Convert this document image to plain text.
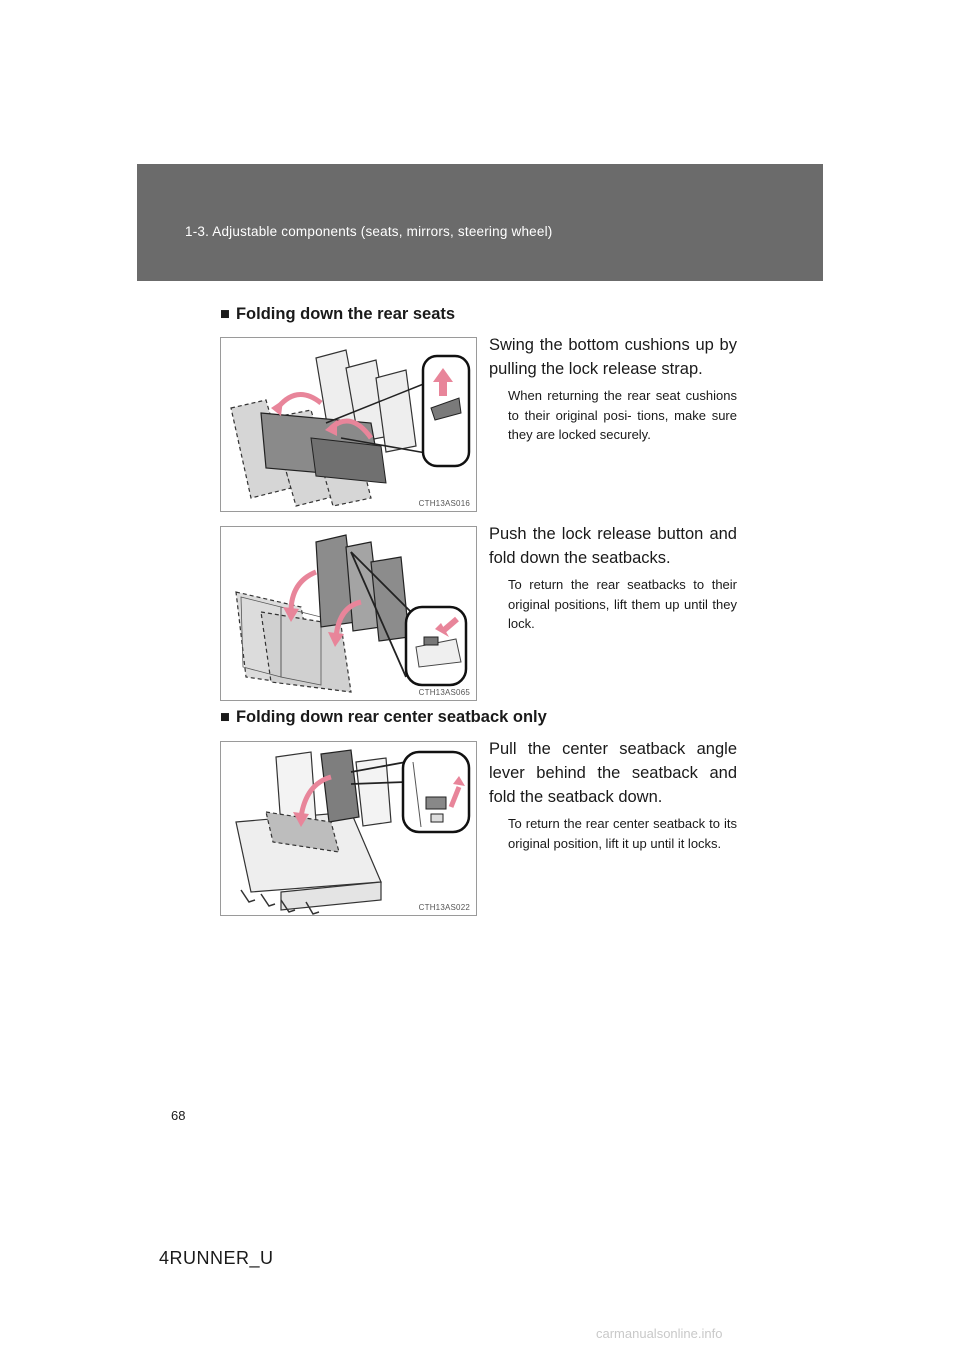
1-3. Adjustable components (seats, mirrors, steering wheel)
■ Folding down the rear seats
CTH13AS016
Swing the bottom cushions up by pulling the lock release strap.
When returning the rear seat cushions to their original posi- tions, make sure they are locked securely.
CTH13AS065
Push the lock release button and fold down the seatbacks.
To return the rear seatbacks to their original positions, lift them up until they lock.
■ Folding down rear center seatback only
CTH13AS022
Pull the center seatback angle lever behind the seatback and fold the seatback down.
To return the rear center seatback to its original position, lift it up until it locks.
68
4RUNNER_U
carmanualsonline.info
